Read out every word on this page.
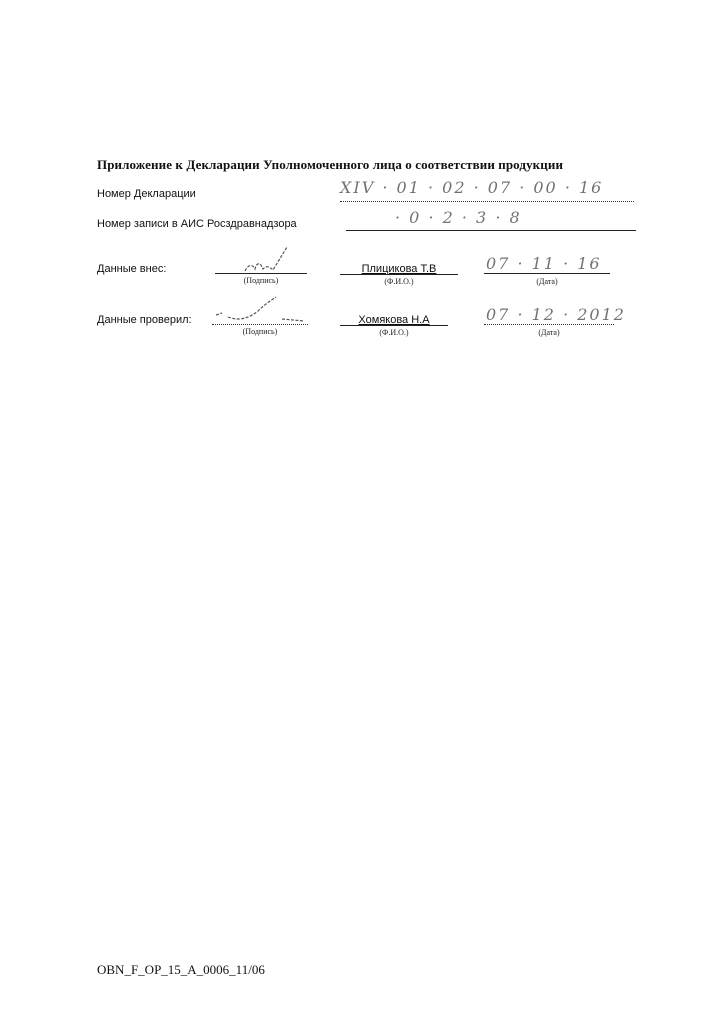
Приложение к Декларации Уполномоченного лица о соответствии продукции
Номер Декларации	XIV · 01 · 02 · 07 · 00 · 16
Номер записи в АИС Росздравнадзора	· 0 · 2 · 3 · 8
Данные внес:
(Подпись)
Плицикова Т.В
(Ф.И.О.)
07 · 11 · 16
(Дата)
Данные проверил:
(Подпись)
Хомякова Н.А
(Ф.И.О.)
07 · 12 · 2012
(Дата)
OBN_F_OP_15_A_0006_11/06
